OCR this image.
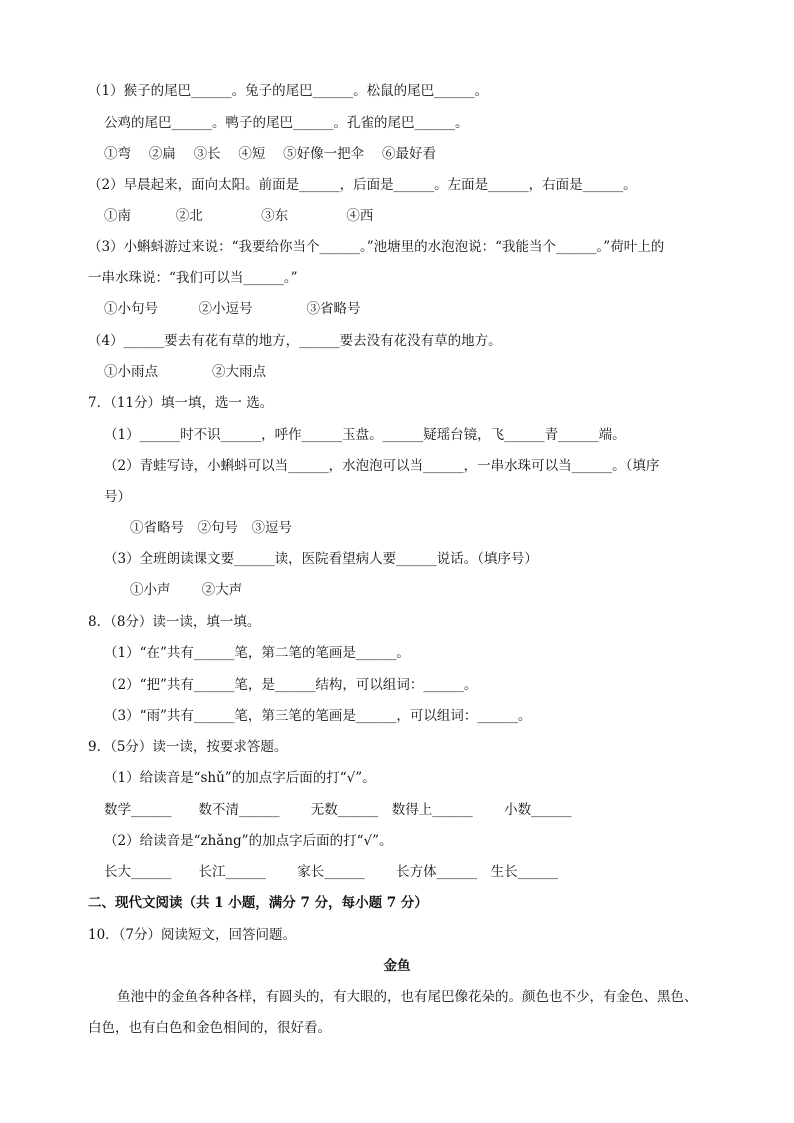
（1）猴子的尾巴______。兔子的尾巴______。松鼠的尾巴______。
公鸡的尾巴______。鸭子的尾巴______。孔雀的尾巴______。
①弯　 ②扁　 ③长　 ④短　 ⑤好像一把伞　 ⑥最好看
（2）早晨起来，面向太阳。前面是______，后面是______。左面是______，右面是______。
①南　　　 ②北　　　　 ③东　　　　 ④西
（3）小蝌蚪游过来说：“我要给你当个______。”池塘里的水泡泡说：“我能当个______。”荷叶上的
一串水珠说：“我们可以当______。”
①小句号　　　②小逗号　　　　③省略号
（4）______要去有花有草的地方，______要去没有花没有草的地方。
①小雨点　　　　②大雨点
7．（11分）填一填，选一 选。
（1）______时不识______，呼作______玉盘。______疑瑶台镜，飞______青______端。
（2）青蛙写诗，小蝌蚪可以当______，水泡泡可以当______，一串水珠可以当______。（填序
号）
①省略号　②句号　③逗号
（3）全班朗读课文要______读，医院看望病人要______说话。（填序号）
①小声　　 ②大声
8．（8分）读一读，填一填。
（1）“在”共有______笔，第二笔的笔画是______。
（2）“把”共有______笔，是______结构，可以组词：______。
（3）“雨”共有______笔，第三笔的笔画是______，可以组词：______。
9．（5分）读一读，按要求答题。
（1）给读音是“shǔ”的加点字后面的打“√”。
数学______　　数不清______　　 无数______　数得上______　　 小数______
（2）给读音是“zhǎng”的加点字后面的打“√”。
长大______　　长江______　　 家长______　　 长方体______　生长______
二、现代文阅读（共 1 小题，满分 7 分，每小题 7 分）
10．（7分）阅读短文，回答问题。
金鱼
鱼池中的金鱼各种各样，有圆头的，有大眼的，也有尾巴像花朵的。颜色也不少，有金色、黑色、
白色，也有白色和金色相间的，很好看。
